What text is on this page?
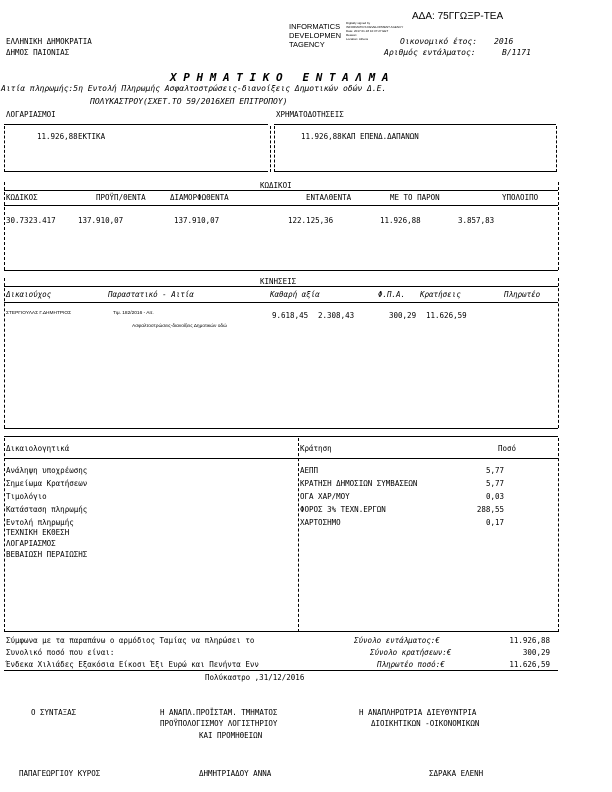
ΑΔΑ: 75ΓΓΩΞΡ-ΤΕΑ
INFORMATICS
DEVELOPMEN
TAGENCY
Digitally signed by
INFORMATICS DEVELOPMENT AGENCY
Date: 2017.01.18 10:37:27 EET
Reason:
Location: Athens
ΕΛΛΗΝΙΚΗ ΔΗΜΟΚΡΑΤΙΑ
ΔΗΜΟΣ ΠΑΙΟΝΙΑΣ
Οικονομικό έτος: 2016
Αριθμός εντάλματος:	Β/1171
Χ Ρ Η Μ Α Τ Ι Κ Ο   Ε Ν Τ Α Λ Μ Α
Αιτία πληρωμής:5η Εντολή Πληρωμής Ασφαλτοστρώσεις-διανοίξεις Δημοτικών οδών Δ.Ε.
ΠΟΛΥΚΑΣΤΡΟΥ(ΣΧΕΤ.ΤΟ 59/2016ΧΕΠ ΕΠΙΤΡΟΠΟΥ)
ΛΟΓΑΡΙΑΣΜΟΙ	ΧΡΗΜΑΤΟΔΟΤΗΣΕΙΣ
11.926,88 ΕΚΤΙΚΑ	11.926,88 ΚΑΠ ΕΠΕΝΔ.ΔΑΠΑΝΩΝ
ΚΩΔΙΚΟΙ
ΚΩΔΙΚΟΣ	ΠΡΟΫΠ/ΘΕΝΤΑ	ΔΙΑΜΟΡΦΩΘΕΝΤΑ	ΕΝΤΑΛΘΕΝΤΑ	ΜΕ ΤΟ ΠΑΡΟΝ	ΥΠΟΛΟΙΠΟ
30.7323.417	137.910,07	137.910,07	122.125,36	11.926,88	3.857,83
ΚΙΝΗΣΕΙΣ
Δικαιούχος	Παραστατικό - Αιτία	Καθαρή αξία	Φ.Π.Α. Κρατήσεις	Πληρωτέο
ΣΤΕΡΓΙΟΥΛΑΣ Γ.ΔΗΜΗΤΡΙΟΣ	Τιμ. 182/2016 - Αιτ.	9.618,45 2.308,43	300,29 11.626,59
Ασφαλτοστρώσεις-διανοίξεις Δημοτικών οδώ
Δικαιολογητικά	Κράτηση	Ποσό
Ανάληψη υποχρέωσης
Σημείωμα Κρατήσεων
Τιμολόγιο
Κατάσταση πληρωμής
Εντολή πληρωμής
ΤΕΧΝΙΚΗ ΕΚΘΕΣΗ
ΛΟΓΑΡΙΑΣΜΟΣ
ΒΕΒΑΙΩΣΗ ΠΕΡΑΙΩΣΗΣ
ΑΕΠΠ	5,77
ΚΡΑΤΗΣΗ ΔΗΜΟΣΙΩΝ ΣΥΜΒΑΣΕΩΝ	5,77
ΟΓΑ ΧΑΡ/ΜΟΥ	0,03
ΦΟΡΟΣ 3% ΤΕΧΝ.ΕΡΓΩΝ	288,55
ΧΑΡΤΟΣΗΜΟ	0,17
Σύμφωνα με τα παραπάνω ο αρμόδιος Ταμίας να πληρώσει το
Συνολικό ποσό που είναι:
Ένδεκα Χιλιάδες Εξακόσια Είκοσι Έξι Ευρώ και Πενήντα Ενν
Σύνολο εντάλματος:€	11.926,88
Σύνολο κρατήσεων:€	300,29
Πληρωτέο ποσό:€	11.626,59
Πολύκαστρο ,31/12/2016
Ο ΣΥΝΤΑΞΑΣ	Η ΑΝΑΠΛ.ΠΡΟΪΣΤΑΜ. ΤΜΗΜΑΤΟΣ
ΠΡΟΫΠΟΛΟΓΙΣΜΟΥ ΛΟΓΙΣΤΗΡΙΟΥ
ΚΑΙ ΠΡΟΜΗΘΕΙΩΝ
Η ΑΝΑΠΛΗΡΩΤΡΙΑ ΔΙΕΥΘΥΝΤΡΙΑ
ΔΙΟΙΚΗΤΙΚΩΝ -ΟΙΚΟΝΟΜΙΚΩΝ
ΠΑΠΑΓΕΩΡΓΙΟΥ ΚΥΡΟΣ	ΔΗΜΗΤΡΙΑΔΟΥ ΑΝΝΑ	ΣΔΡΑΚΑ ΕΛΕΝΗ
